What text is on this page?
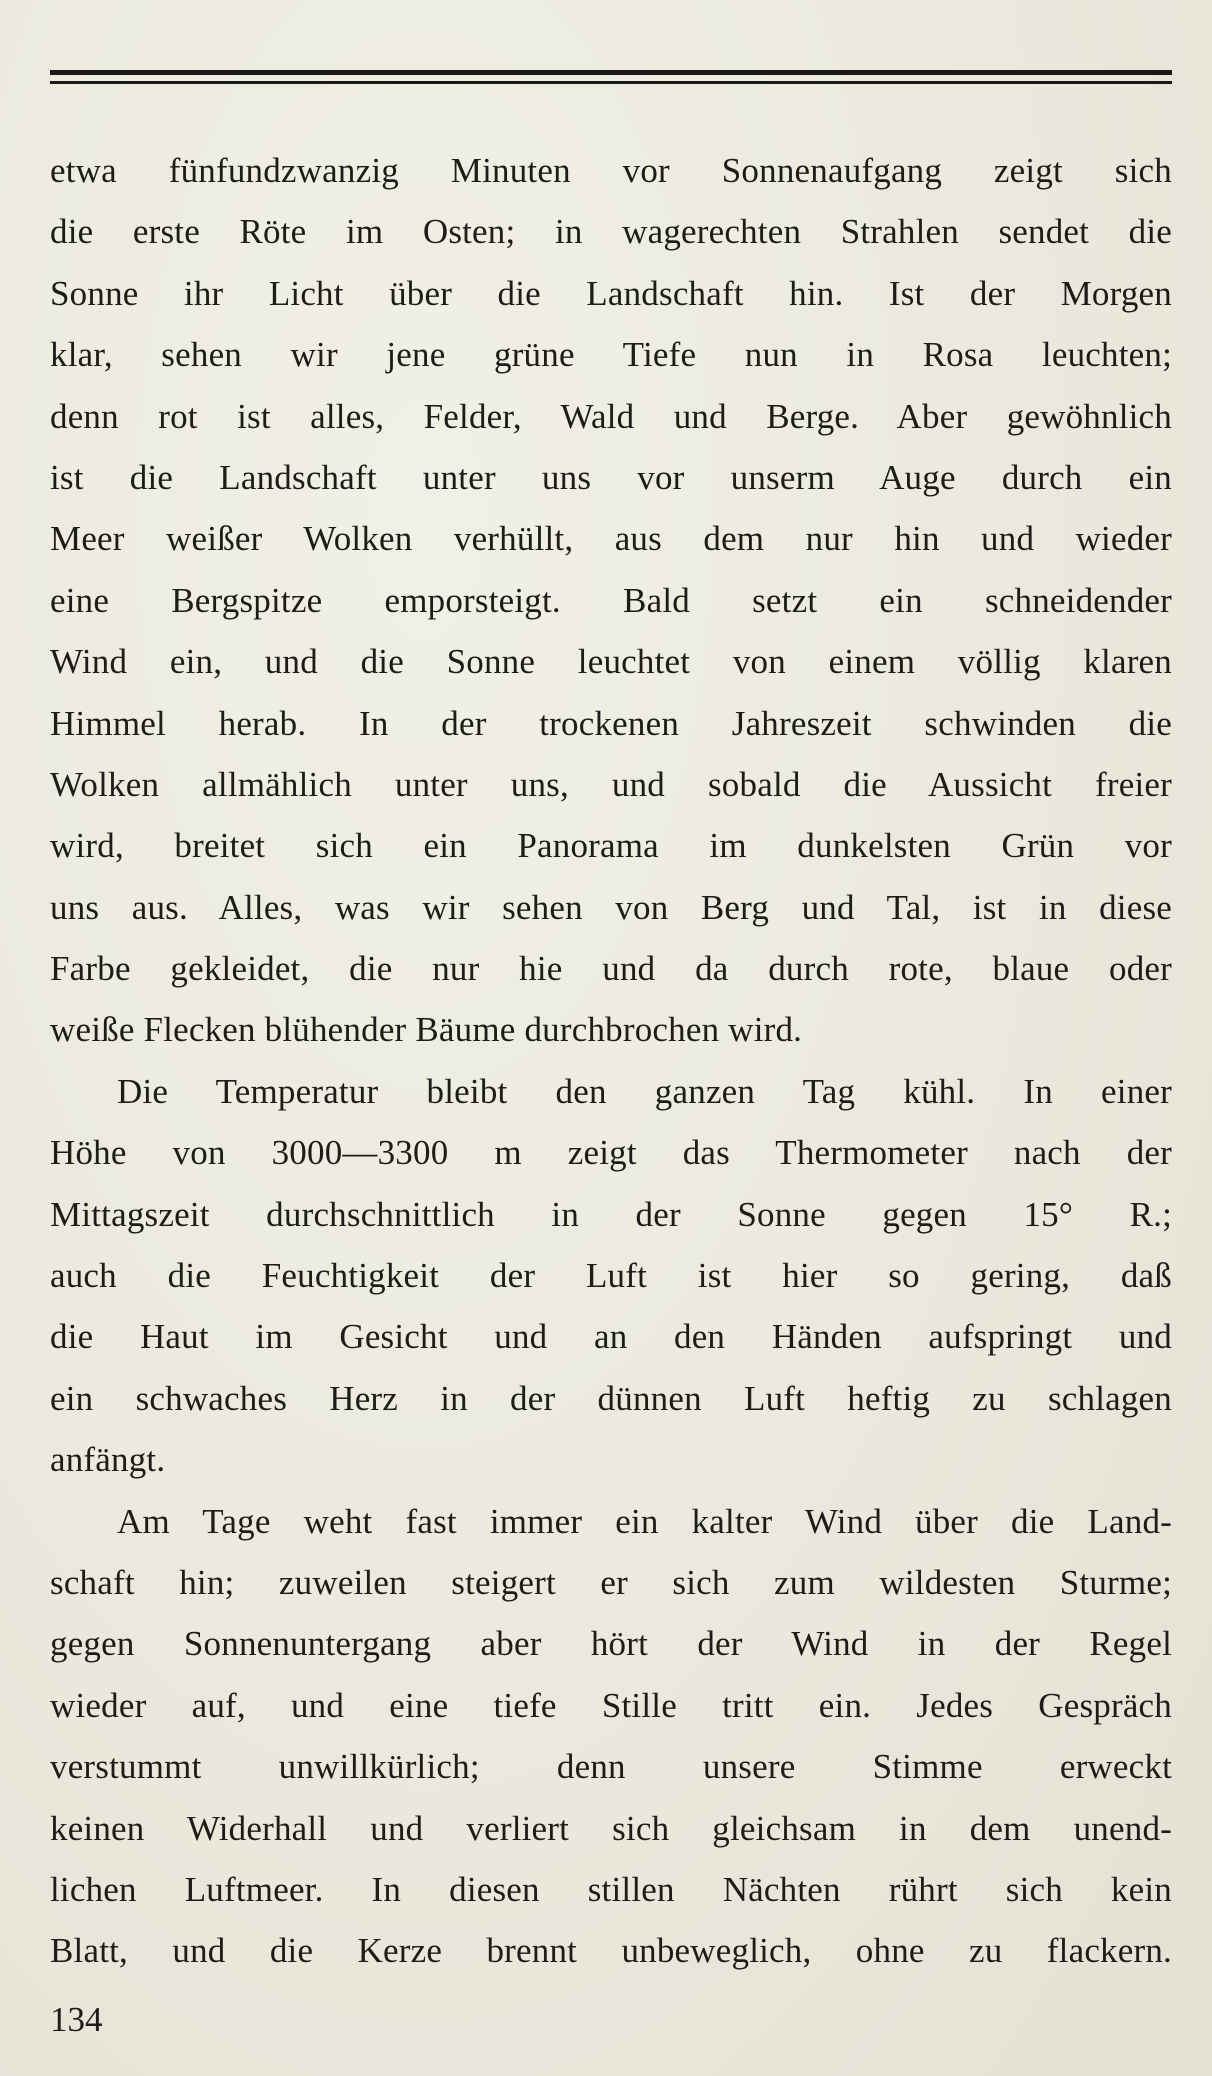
etwa fünfundzwanzig Minuten vor Sonnenaufgang zeigt sich
die erste Röte im Osten; in wagerechten Strahlen sendet die
Sonne ihr Licht über die Landschaft hin. Ist der Morgen
klar, sehen wir jene grüne Tiefe nun in Rosa leuchten;
denn rot ist alles, Felder, Wald und Berge. Aber gewöhnlich
ist die Landschaft unter uns vor unserm Auge durch ein
Meer weißer Wolken verhüllt, aus dem nur hin und wieder
eine Bergspitze emporsteigt. Bald setzt ein schneidender
Wind ein, und die Sonne leuchtet von einem völlig klaren
Himmel herab. In der trockenen Jahreszeit schwinden die
Wolken allmählich unter uns, und sobald die Aussicht freier
wird, breitet sich ein Panorama im dunkelsten Grün vor
uns aus. Alles, was wir sehen von Berg und Tal, ist in diese
Farbe gekleidet, die nur hie und da durch rote, blaue oder
weiße Flecken blühender Bäume durchbrochen wird.
Die Temperatur bleibt den ganzen Tag kühl. In einer
Höhe von 3000—3300 m zeigt das Thermometer nach der
Mittagszeit durchschnittlich in der Sonne gegen 15° R.;
auch die Feuchtigkeit der Luft ist hier so gering, daß
die Haut im Gesicht und an den Händen aufspringt und
ein schwaches Herz in der dünnen Luft heftig zu schlagen
anfängt.
Am Tage weht fast immer ein kalter Wind über die Land-
schaft hin; zuweilen steigert er sich zum wildesten Sturme;
gegen Sonnenuntergang aber hört der Wind in der Regel
wieder auf, und eine tiefe Stille tritt ein. Jedes Gespräch
verstummt unwillkürlich; denn unsere Stimme erweckt
keinen Widerhall und verliert sich gleichsam in dem unend-
lichen Luftmeer. In diesen stillen Nächten rührt sich kein
Blatt, und die Kerze brennt unbeweglich, ohne zu flackern.
134
